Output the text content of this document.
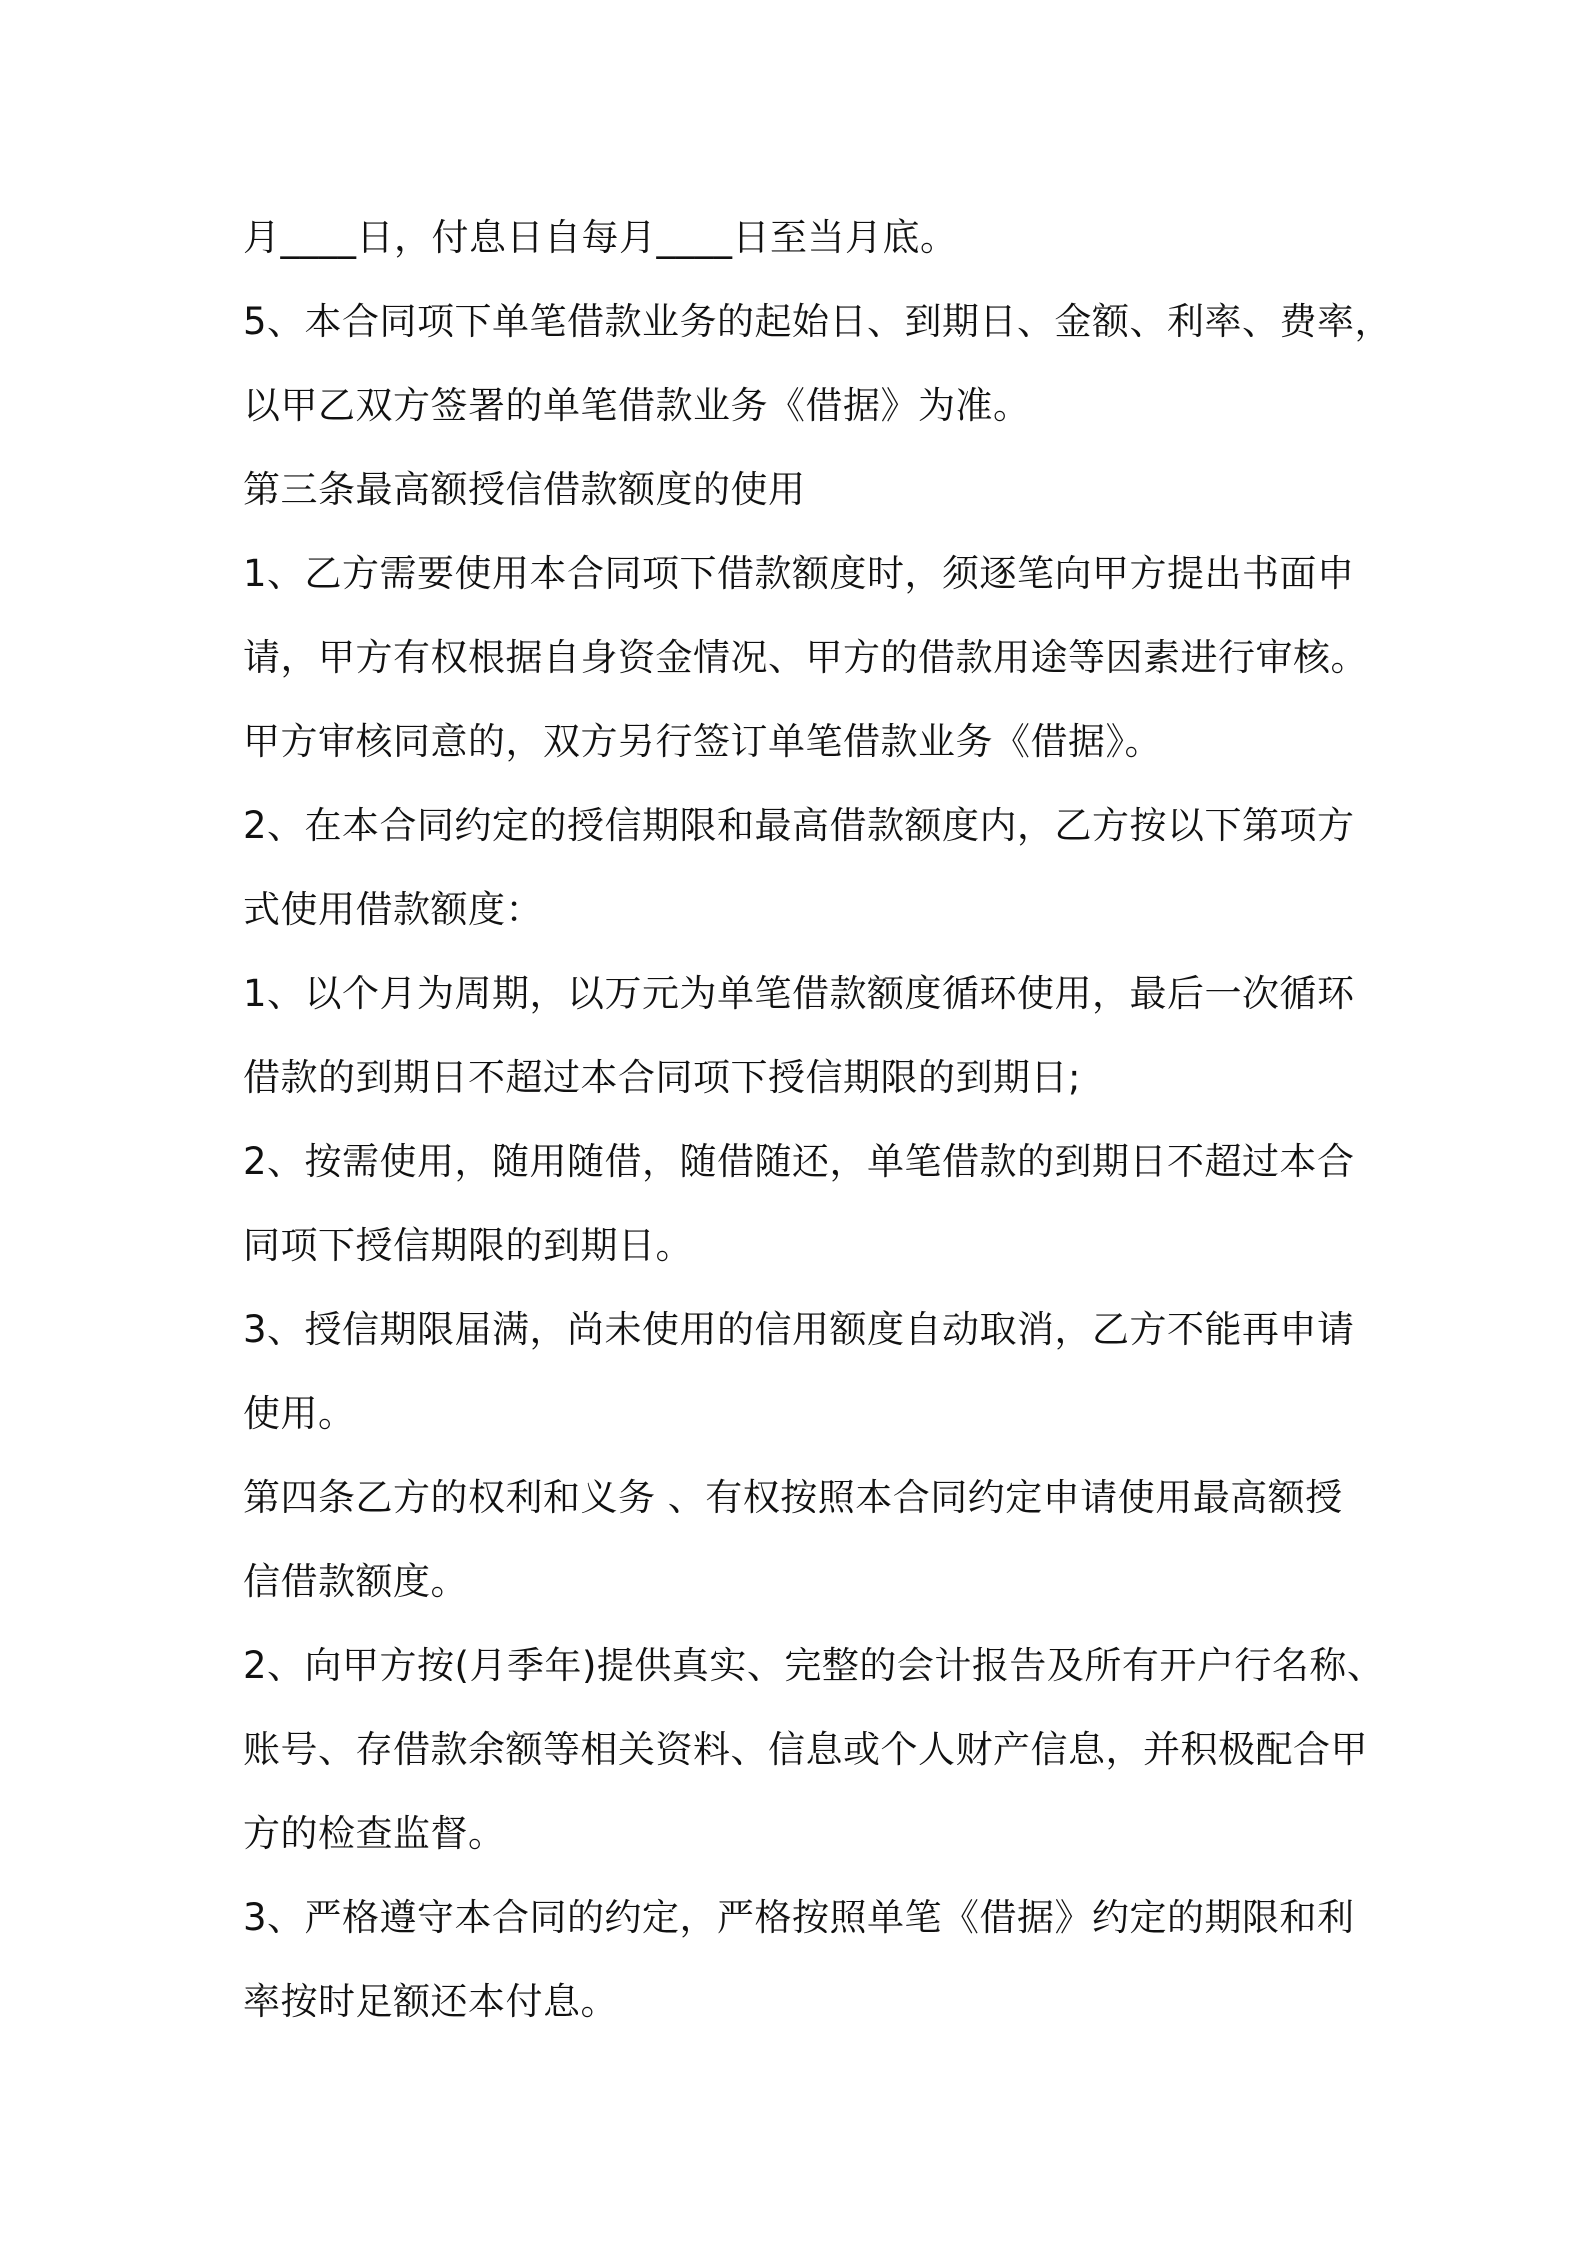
月____日，付息日自每月____日至当月底。
5、本合同项下单笔借款业务的起始日、到期日、金额、利率、费率，
以甲乙双方签署的单笔借款业务《借据》为准。
第三条最高额授信借款额度的使用
1、乙方需要使用本合同项下借款额度时，须逐笔向甲方提出书面申
请，甲方有权根据自身资金情况、甲方的借款用途等因素进行审核。
甲方审核同意的，双方另行签订单笔借款业务《借据》。
2、在本合同约定的授信期限和最高借款额度内，乙方按以下第项方
式使用借款额度：
1、以个月为周期，以万元为单笔借款额度循环使用，最后一次循环
借款的到期日不超过本合同项下授信期限的到期日;
2、按需使用，随用随借，随借随还，单笔借款的到期日不超过本合
同项下授信期限的到期日。
3、授信期限届满，尚未使用的信用额度自动取消，乙方不能再申请
使用。
第四条乙方的权利和义务 、有权按照本合同约定申请使用最高额授
信借款额度。
2、向甲方按(月季年)提供真实、完整的会计报告及所有开户行名称、
账号、存借款余额等相关资料、信息或个人财产信息，并积极配合甲
方的检查监督。
3、严格遵守本合同的约定，严格按照单笔《借据》约定的期限和利
率按时足额还本付息。
